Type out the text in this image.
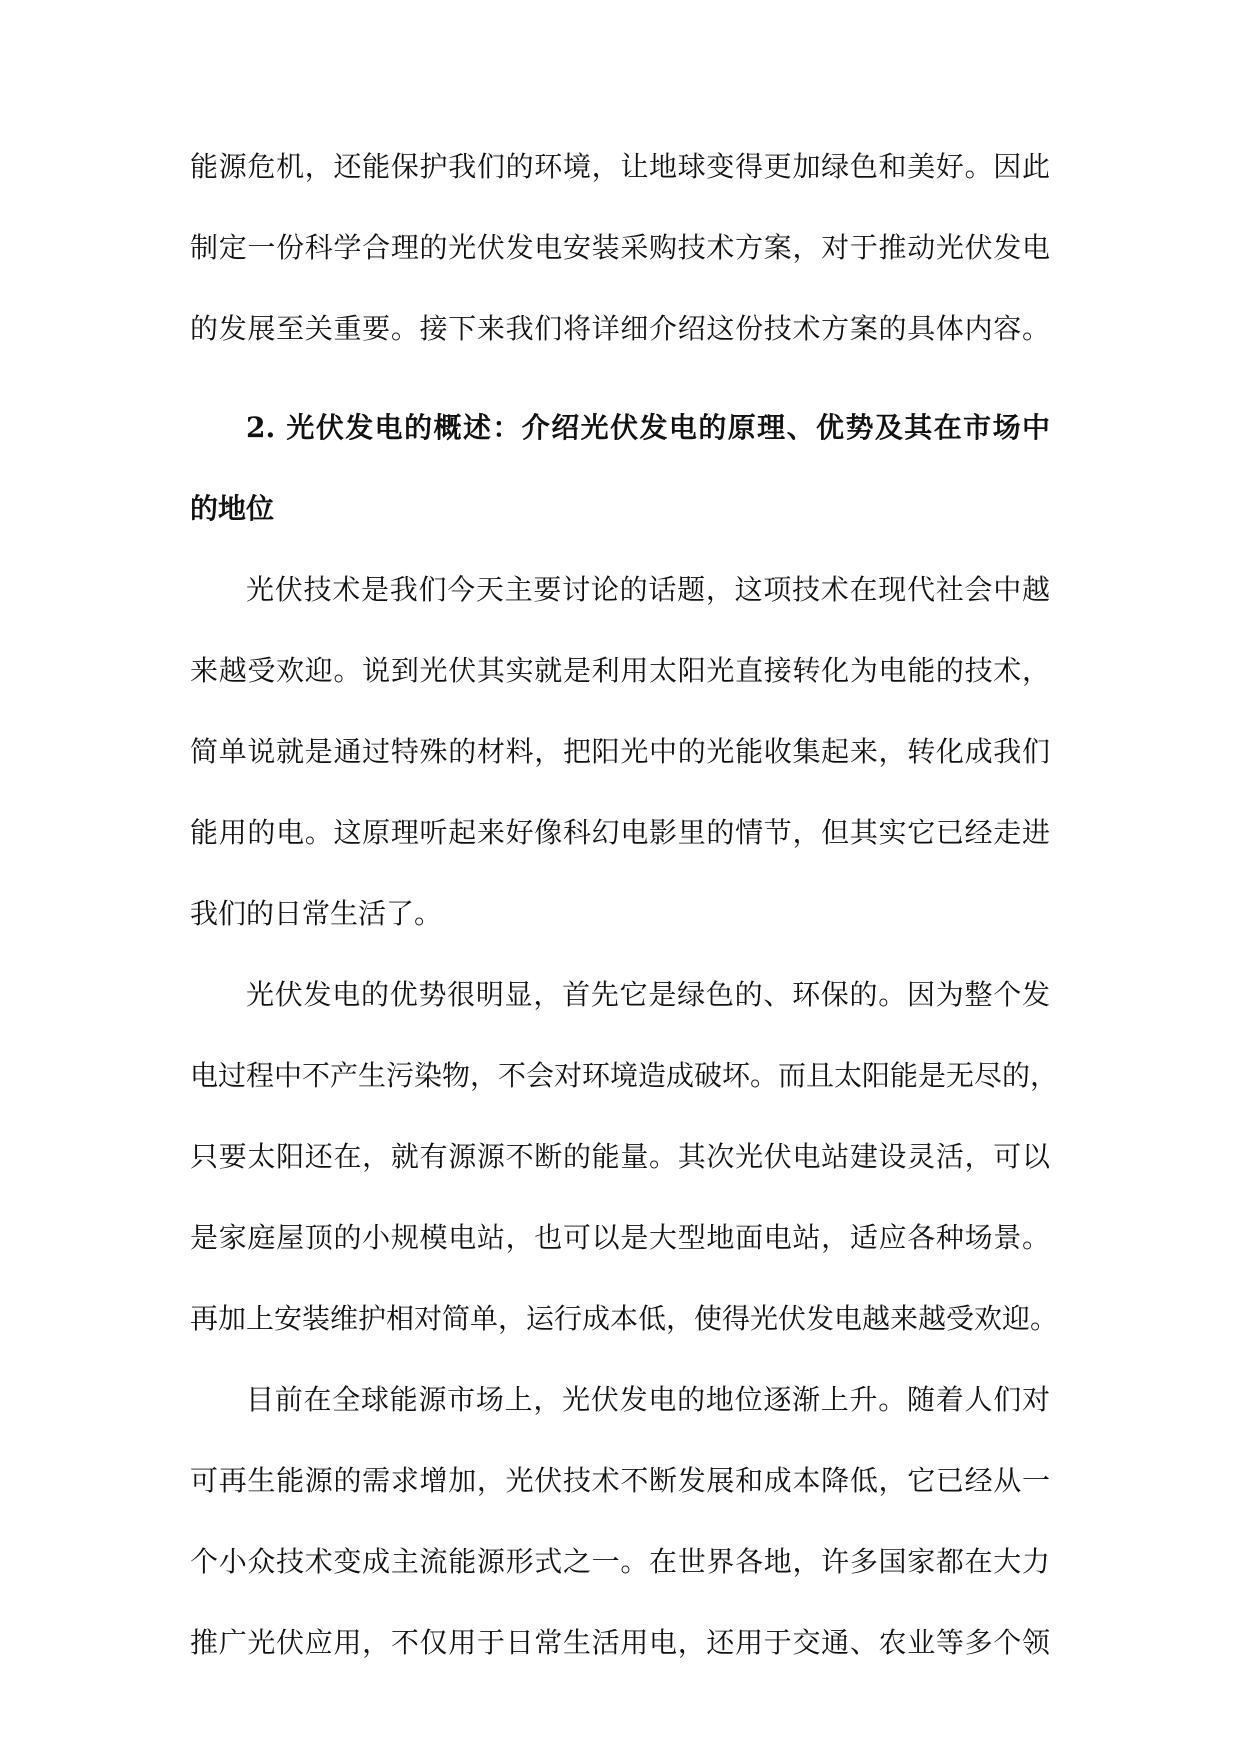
能源危机，还能保护我们的环境，让地球变得更加绿色和美好。因此

制定一份科学合理的光伏发电安装采购技术方案，对于推动光伏发电

的发展至关重要。接下来我们将详细介绍这份技术方案的具体内容。

2. 光伏发电的概述：介绍光伏发电的原理、优势及其在市场中

的地位

光伏技术是我们今天主要讨论的话题，这项技术在现代社会中越

来越受欢迎。说到光伏其实就是利用太阳光直接转化为电能的技术，

简单说就是通过特殊的材料，把阳光中的光能收集起来，转化成我们

能用的电。这原理听起来好像科幻电影里的情节，但其实它已经走进

我们的日常生活了。

光伏发电的优势很明显，首先它是绿色的、环保的。因为整个发

电过程中不产生污染物，不会对环境造成破坏。而且太阳能是无尽的，

只要太阳还在，就有源源不断的能量。其次光伏电站建设灵活，可以

是家庭屋顶的小规模电站，也可以是大型地面电站，适应各种场景。

再加上安装维护相对简单，运行成本低，使得光伏发电越来越受欢迎。

目前在全球能源市场上，光伏发电的地位逐渐上升。随着人们对

可再生能源的需求增加，光伏技术不断发展和成本降低，它已经从一

个小众技术变成主流能源形式之一。在世界各地，许多国家都在大力

推广光伏应用，不仅用于日常生活用电，还用于交通、农业等多个领
